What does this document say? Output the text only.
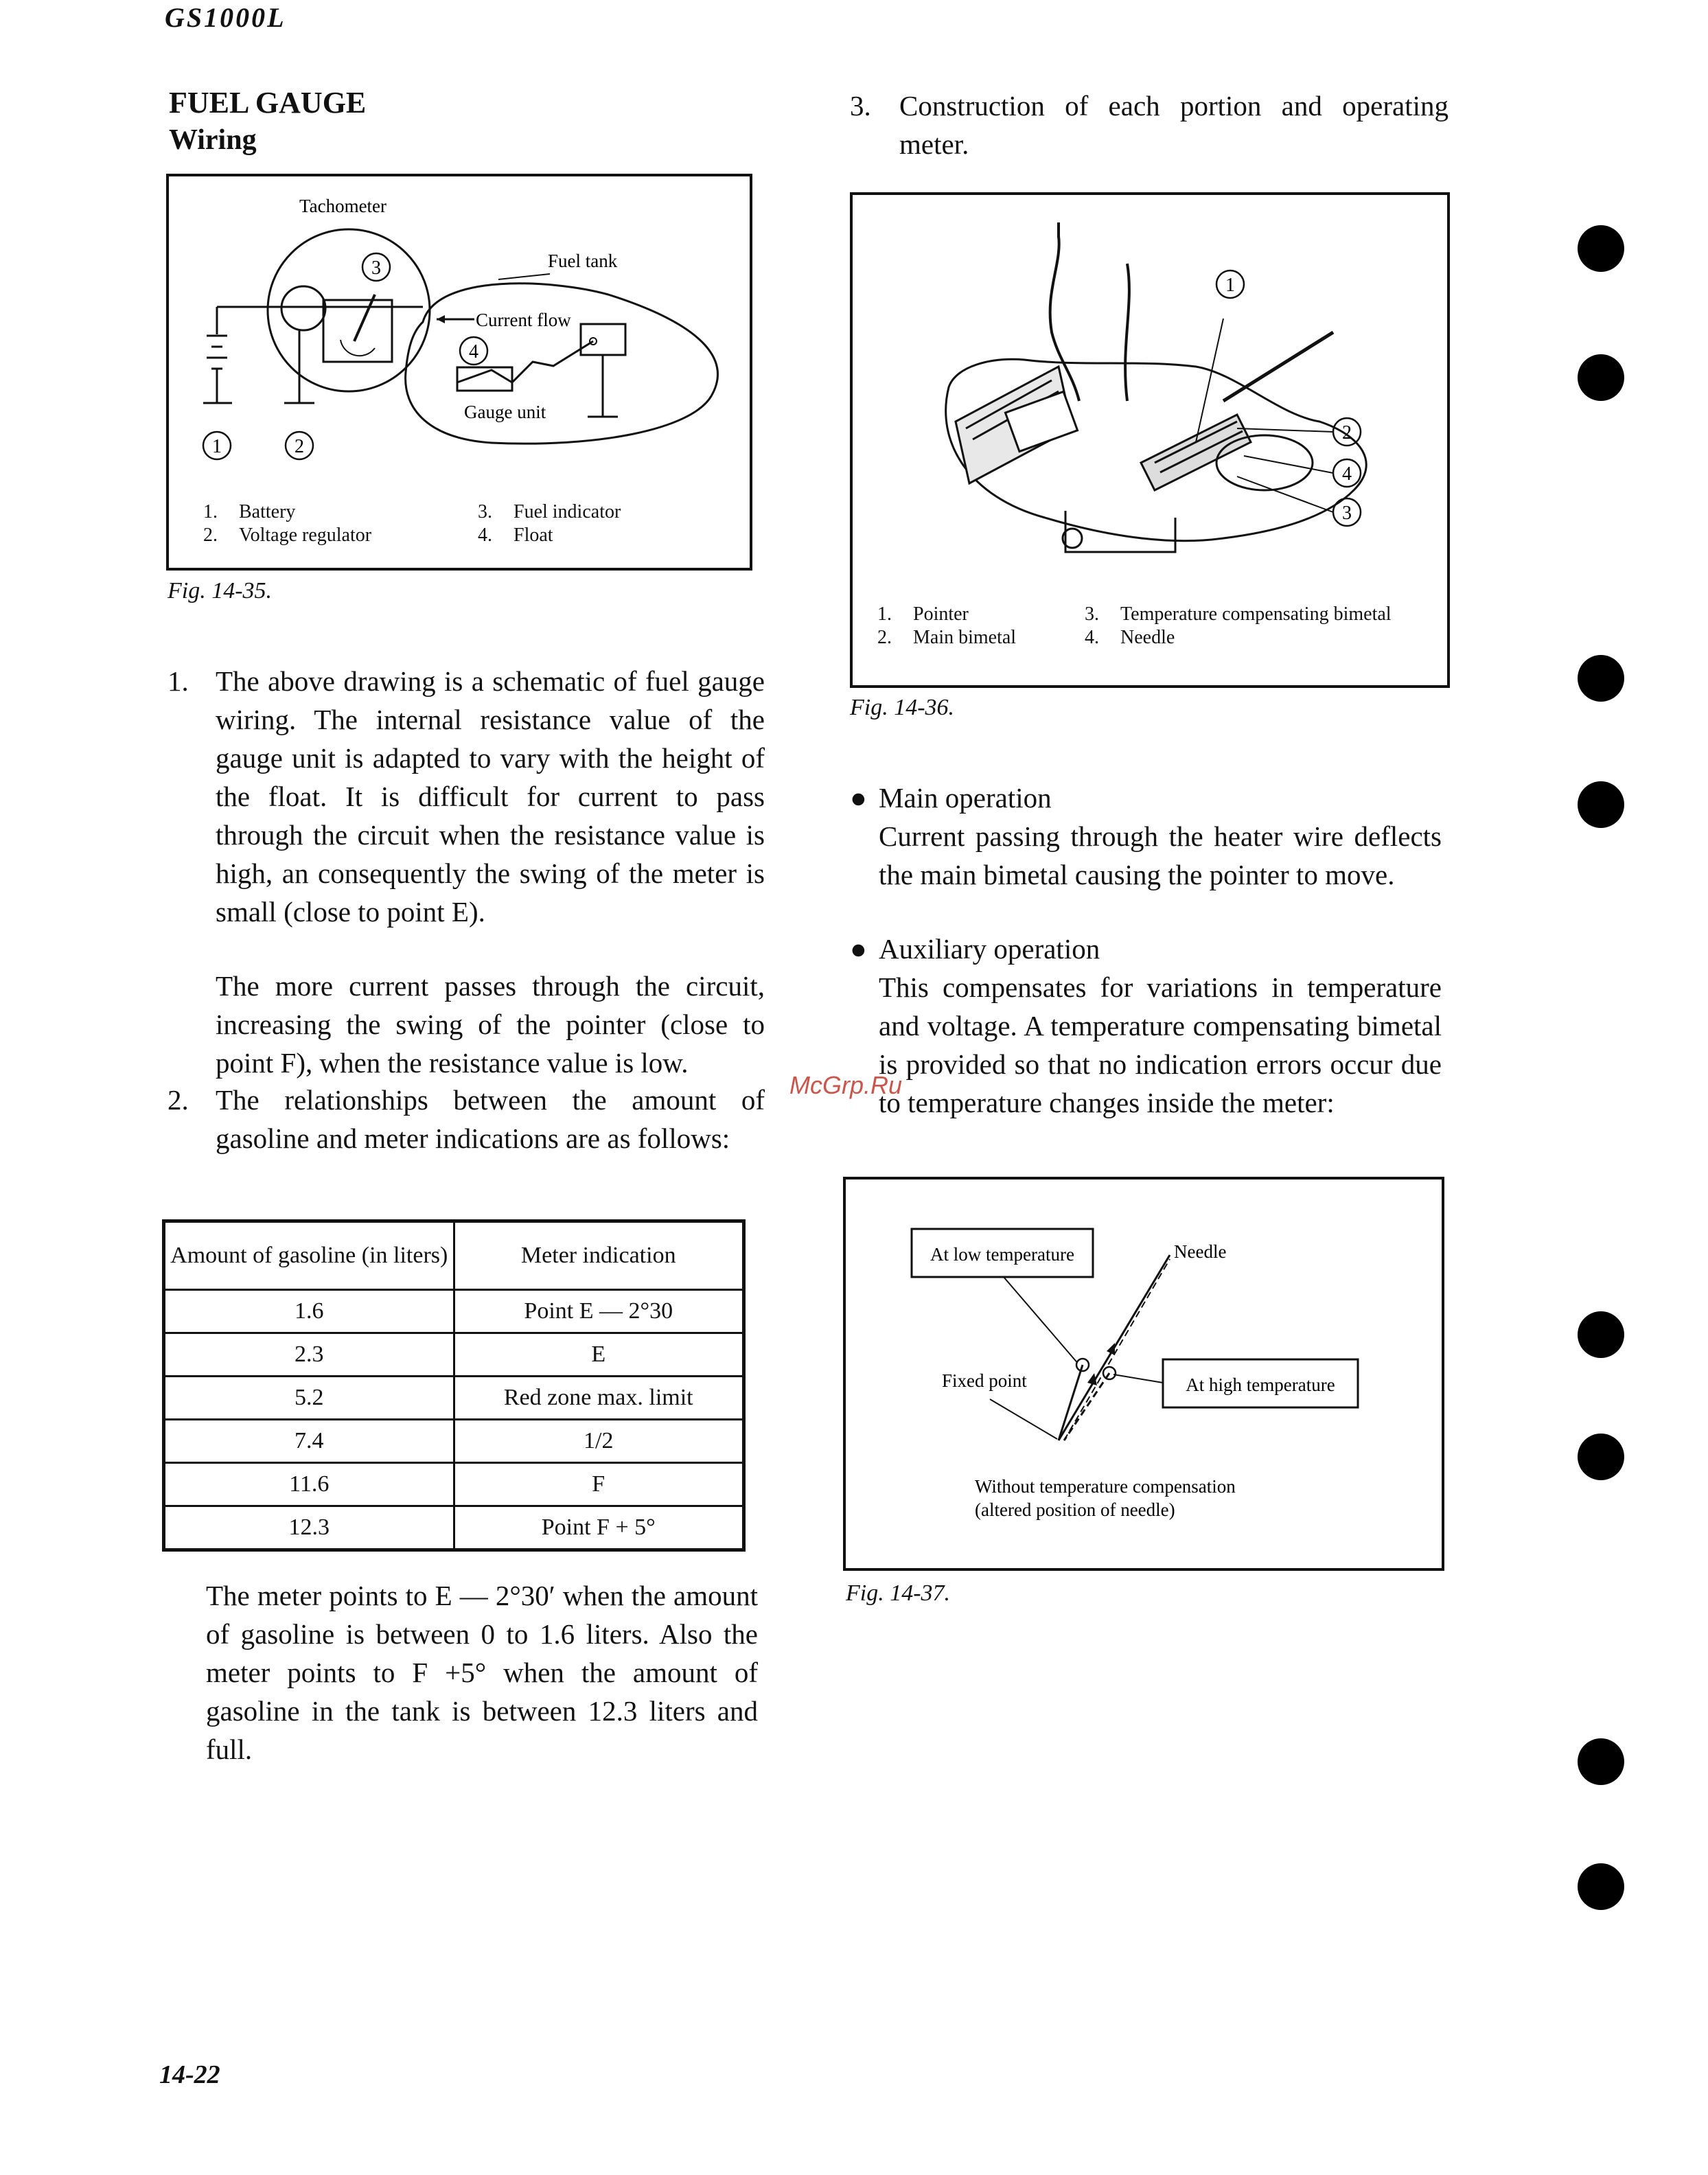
GS1000L
FUEL GAUGE
Wiring
Tachometer
3	Fuel tank
Current flow
4
Gauge unit
1	2
1. Battery
2. Voltage regulator
3. Fuel indicator
4. Float
Fig. 14-35.
1. The above drawing is a schematic of fuel gauge wiring. The internal resistance value of the gauge unit is adapted to vary with the height of the float. It is difficult for current to pass through the circuit when the resistance value is high, an consequently the swing of the meter is small (close to point E).
The more current passes through the circuit, increasing the swing of the pointer (close to point F), when the resistance value is low.
2. The relationships between the amount of gasoline and meter indications are as follows:
Amount of gasoline (in liters)	Meter indication
1.6	Point E — 2°30
2.3	E
5.2	Red zone max. limit
7.4	1/2
11.6	F
12.3	Point F + 5°
The meter points to E — 2°30′ when the amount of gasoline is between 0 to 1.6 liters. Also the meter points to F +5° when the amount of gasoline in the tank is between 12.3 liters and full.
3. Construction of each portion and operating meter.
1
2
4
3
1. Pointer
2. Main bimetal
3. Temperature compensating bimetal
4. Needle
Fig. 14-36.
● Main operation
Current passing through the heater wire deflects the main bimetal causing the pointer to move.
● Auxiliary operation
This compensates for variations in temperature and voltage. A temperature compensating bimetal is provided so that no indication errors occur due to temperature changes inside the meter:
McGrp.Ru
At low temperature	Needle
Fixed point	At high temperature
Without temperature compensation
(altered position of needle)
Fig. 14-37.
14-22
